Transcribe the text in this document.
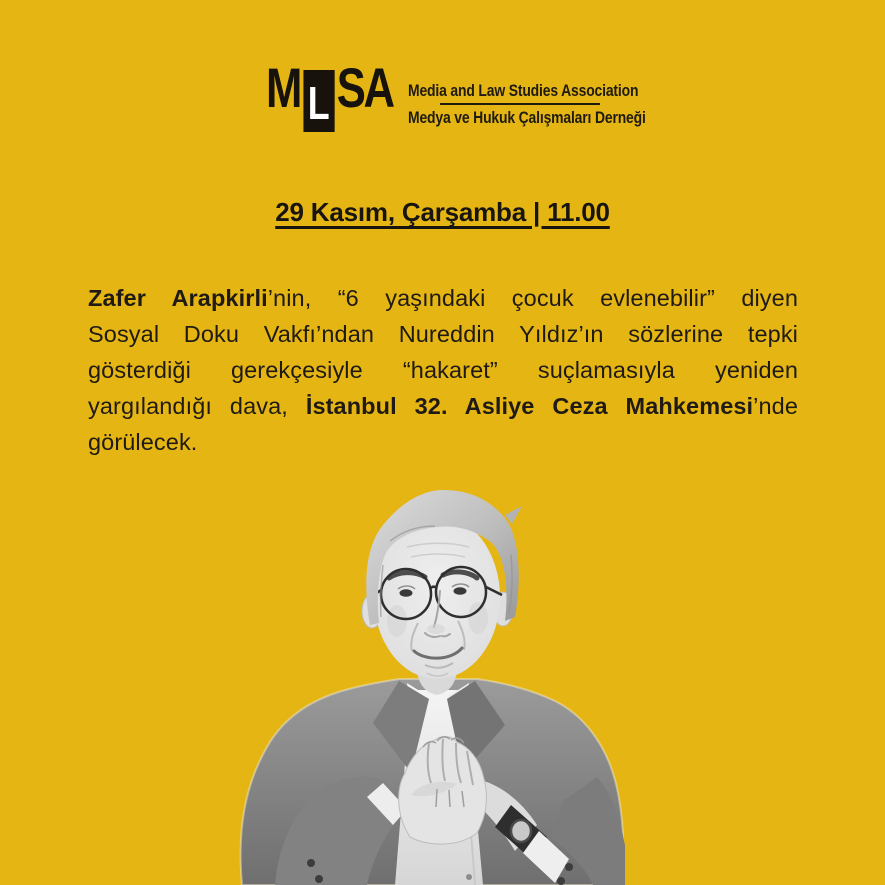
M L SA Media and Law Studies Association
Medya ve Hukuk Çalışmaları Derneği
29 Kasım, Çarşamba | 11.00
Zafer Arapkirli’nin, “6 yaşındaki çocuk evlenebilir” diyen
Sosyal Doku Vakfı’ndan Nureddin Yıldız’ın sözlerine tepki
gösterdiği gerekçesiyle “hakaret” suçlamasıyla yeniden
yargılandığı dava, İstanbul 32. Asliye Ceza Mahkemesi’nde
görülecek.
